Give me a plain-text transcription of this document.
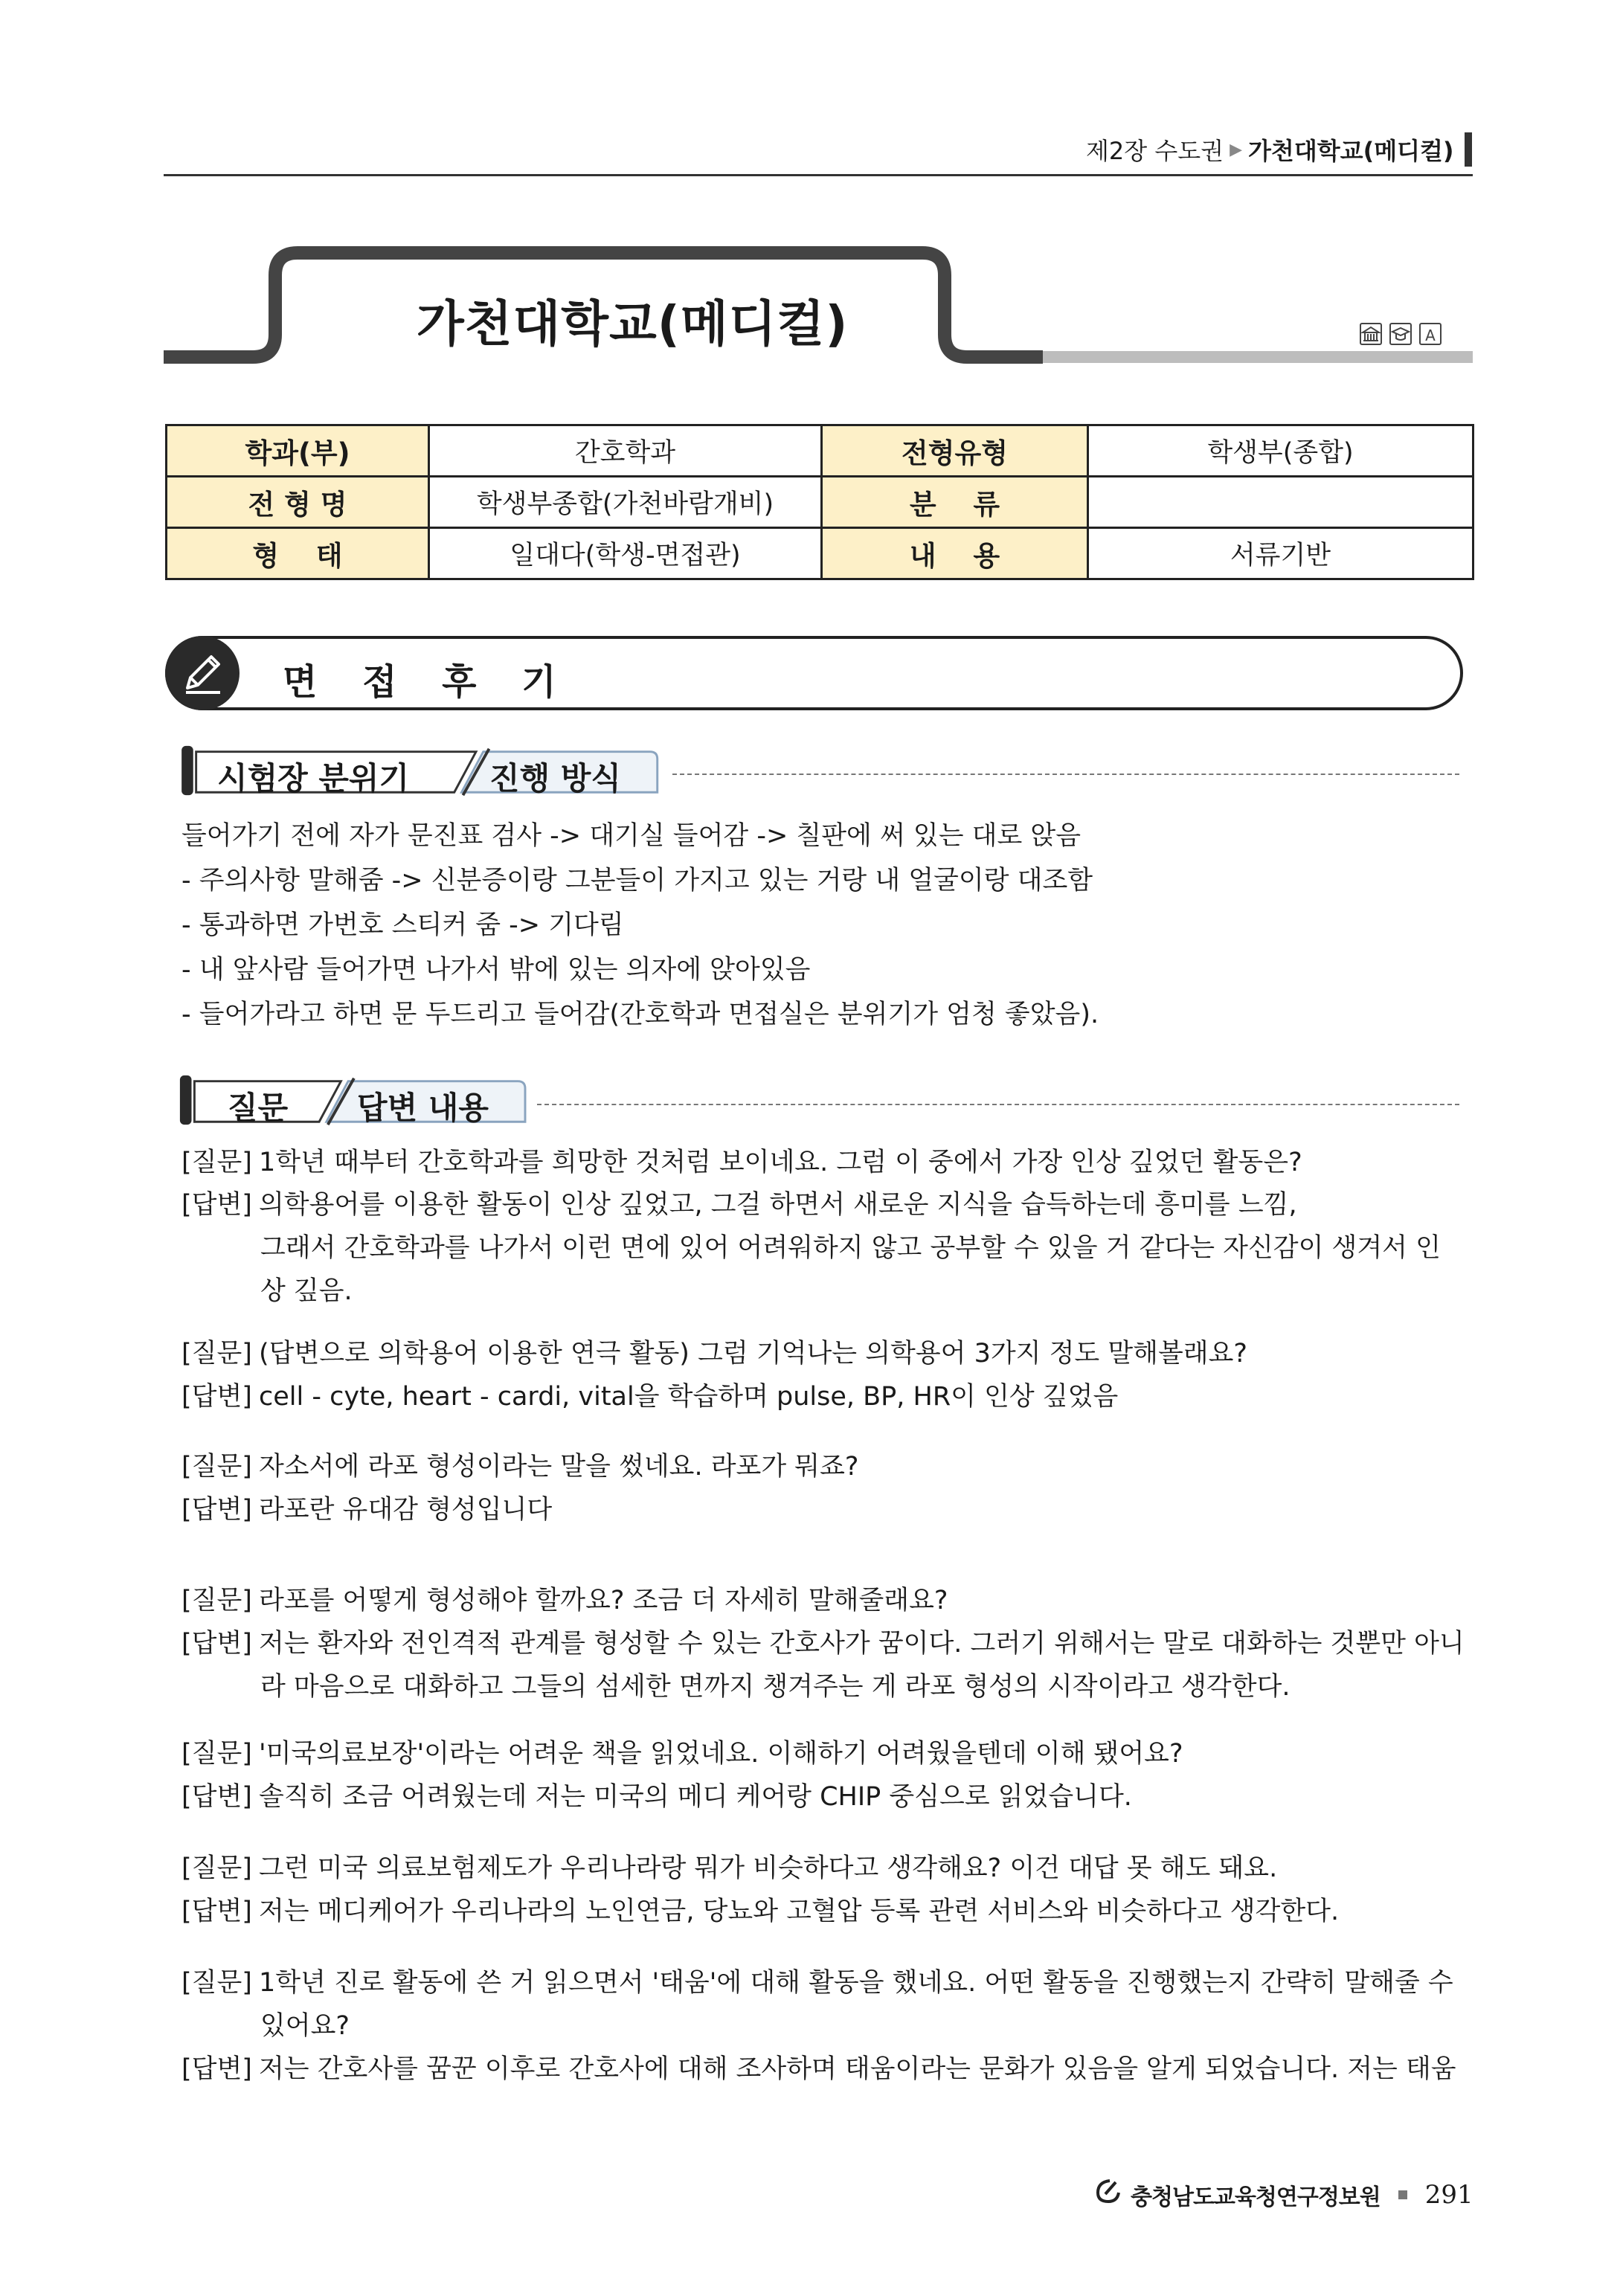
제2장 수도권 ▶ 가천대학교(메디컬)
가천대학교(메디컬)	A
학과(부)	간호학과	전형유형	학생부(종합)
전 형 명	학생부종합(가천바람개비)	분　 류	
형　 태	일대다(학생-면접관)	내　 용	서류기반
면 접 후 기
시험장 분위기	진행 방식
들어가기 전에 자가 문진표 검사 -> 대기실 들어감 -> 칠판에 써 있는 대로 앉음
- 주의사항 말해줌 -> 신분증이랑 그분들이 가지고 있는 거랑 내 얼굴이랑 대조함
- 통과하면 가번호 스티커 줌 -> 기다림
- 내 앞사람 들어가면 나가서 밖에 있는 의자에 앉아있음
- 들어가라고 하면 문 두드리고 들어감(간호학과 면접실은 분위기가 엄청 좋았음).
질문 답변 내용
[질문] 1학년 때부터 간호학과를 희망한 것처럼 보이네요. 그럼 이 중에서 가장 인상 깊었던 활동은?
[답변] 의학용어를 이용한 활동이 인상 깊었고, 그걸 하면서 새로운 지식을 습득하는데 흥미를 느낌,
그래서 간호학과를 나가서 이런 면에 있어 어려워하지 않고 공부할 수 있을 거 같다는 자신감이 생겨서 인
상 깊음.
[질문] (답변으로 의학용어 이용한 연극 활동) 그럼 기억나는 의학용어 3가지 정도 말해볼래요?
[답변] cell - cyte, heart - cardi, vital을 학습하며 pulse, BP, HR이 인상 깊었음
[질문] 자소서에 라포 형성이라는 말을 썼네요. 라포가 뭐죠?
[답변] 라포란 유대감 형성입니다
[질문] 라포를 어떻게 형성해야 할까요? 조금 더 자세히 말해줄래요?
[답변] 저는 환자와 전인격적 관계를 형성할 수 있는 간호사가 꿈이다. 그러기 위해서는 말로 대화하는 것뿐만 아니
라 마음으로 대화하고 그들의 섬세한 면까지 챙겨주는 게 라포 형성의 시작이라고 생각한다.
[질문] '미국의료보장'이라는 어려운 책을 읽었네요. 이해하기 어려웠을텐데 이해 됐어요?
[답변] 솔직히 조금 어려웠는데 저는 미국의 메디 케어랑 CHIP 중심으로 읽었습니다.
[질문] 그런 미국 의료보험제도가 우리나라랑 뭐가 비슷하다고 생각해요? 이건 대답 못 해도 돼요.
[답변] 저는 메디케어가 우리나라의 노인연금, 당뇨와 고혈압 등록 관련 서비스와 비슷하다고 생각한다.
[질문] 1학년 진로 활동에 쓴 거 읽으면서 '태움'에 대해 활동을 했네요. 어떤 활동을 진행했는지 간략히 말해줄 수
있어요?
[답변] 저는 간호사를 꿈꾼 이후로 간호사에 대해 조사하며 태움이라는 문화가 있음을 알게 되었습니다. 저는 태움
충청남도교육청연구정보원 291
